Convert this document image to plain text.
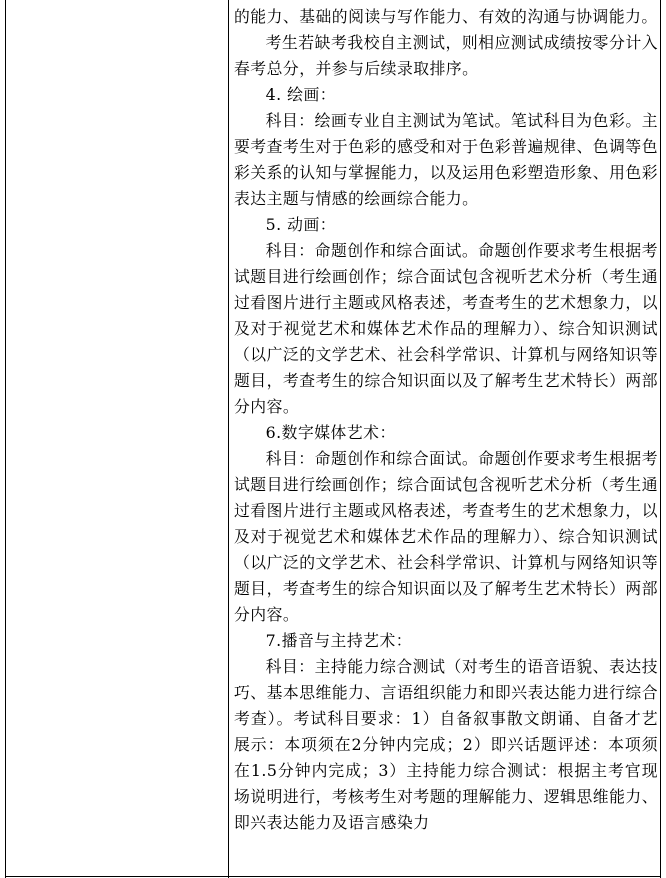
的能力、基础的阅读与写作能力、有效的沟通与协调能力。

考生若缺考我校自主测试，则相应测试成绩按零分计入春考总分，并参与后续录取排序。

4. 绘画：

科目：绘画专业自主测试为笔试。笔试科目为色彩。主要考查考生对于色彩的感受和对于色彩普遍规律、色调等色彩关系的认知与掌握能力，以及运用色彩塑造形象、用色彩表达主题与情感的绘画综合能力。

5. 动画：

科目：命题创作和综合面试。命题创作要求考生根据考试题目进行绘画创作；综合面试包含视听艺术分析（考生通过看图片进行主题或风格表述，考查考生的艺术想象力，以及对于视觉艺术和媒体艺术作品的理解力）、综合知识测试（以广泛的文学艺术、社会科学常识、计算机与网络知识等题目，考查考生的综合知识面以及了解考生艺术特长）两部分内容。

6.数字媒体艺术：

科目：命题创作和综合面试。命题创作要求考生根据考试题目进行绘画创作；综合面试包含视听艺术分析（考生通过看图片进行主题或风格表述，考查考生的艺术想象力，以及对于视觉艺术和媒体艺术作品的理解力）、综合知识测试（以广泛的文学艺术、社会科学常识、计算机与网络知识等题目，考查考生的综合知识面以及了解考生艺术特长）两部分内容。

7.播音与主持艺术：

科目：主持能力综合测试（对考生的语音语貌、表达技巧、基本思维能力、言语组织能力和即兴表达能力进行综合考查）。考试科目要求：1）自备叙事散文朗诵、自备才艺展示：本项须在2分钟内完成；2）即兴话题评述：本项须在1.5分钟内完成；3）主持能力综合测试：根据主考官现场说明进行，考核考生对考题的理解能力、逻辑思维能力、即兴表达能力及语言感染力
